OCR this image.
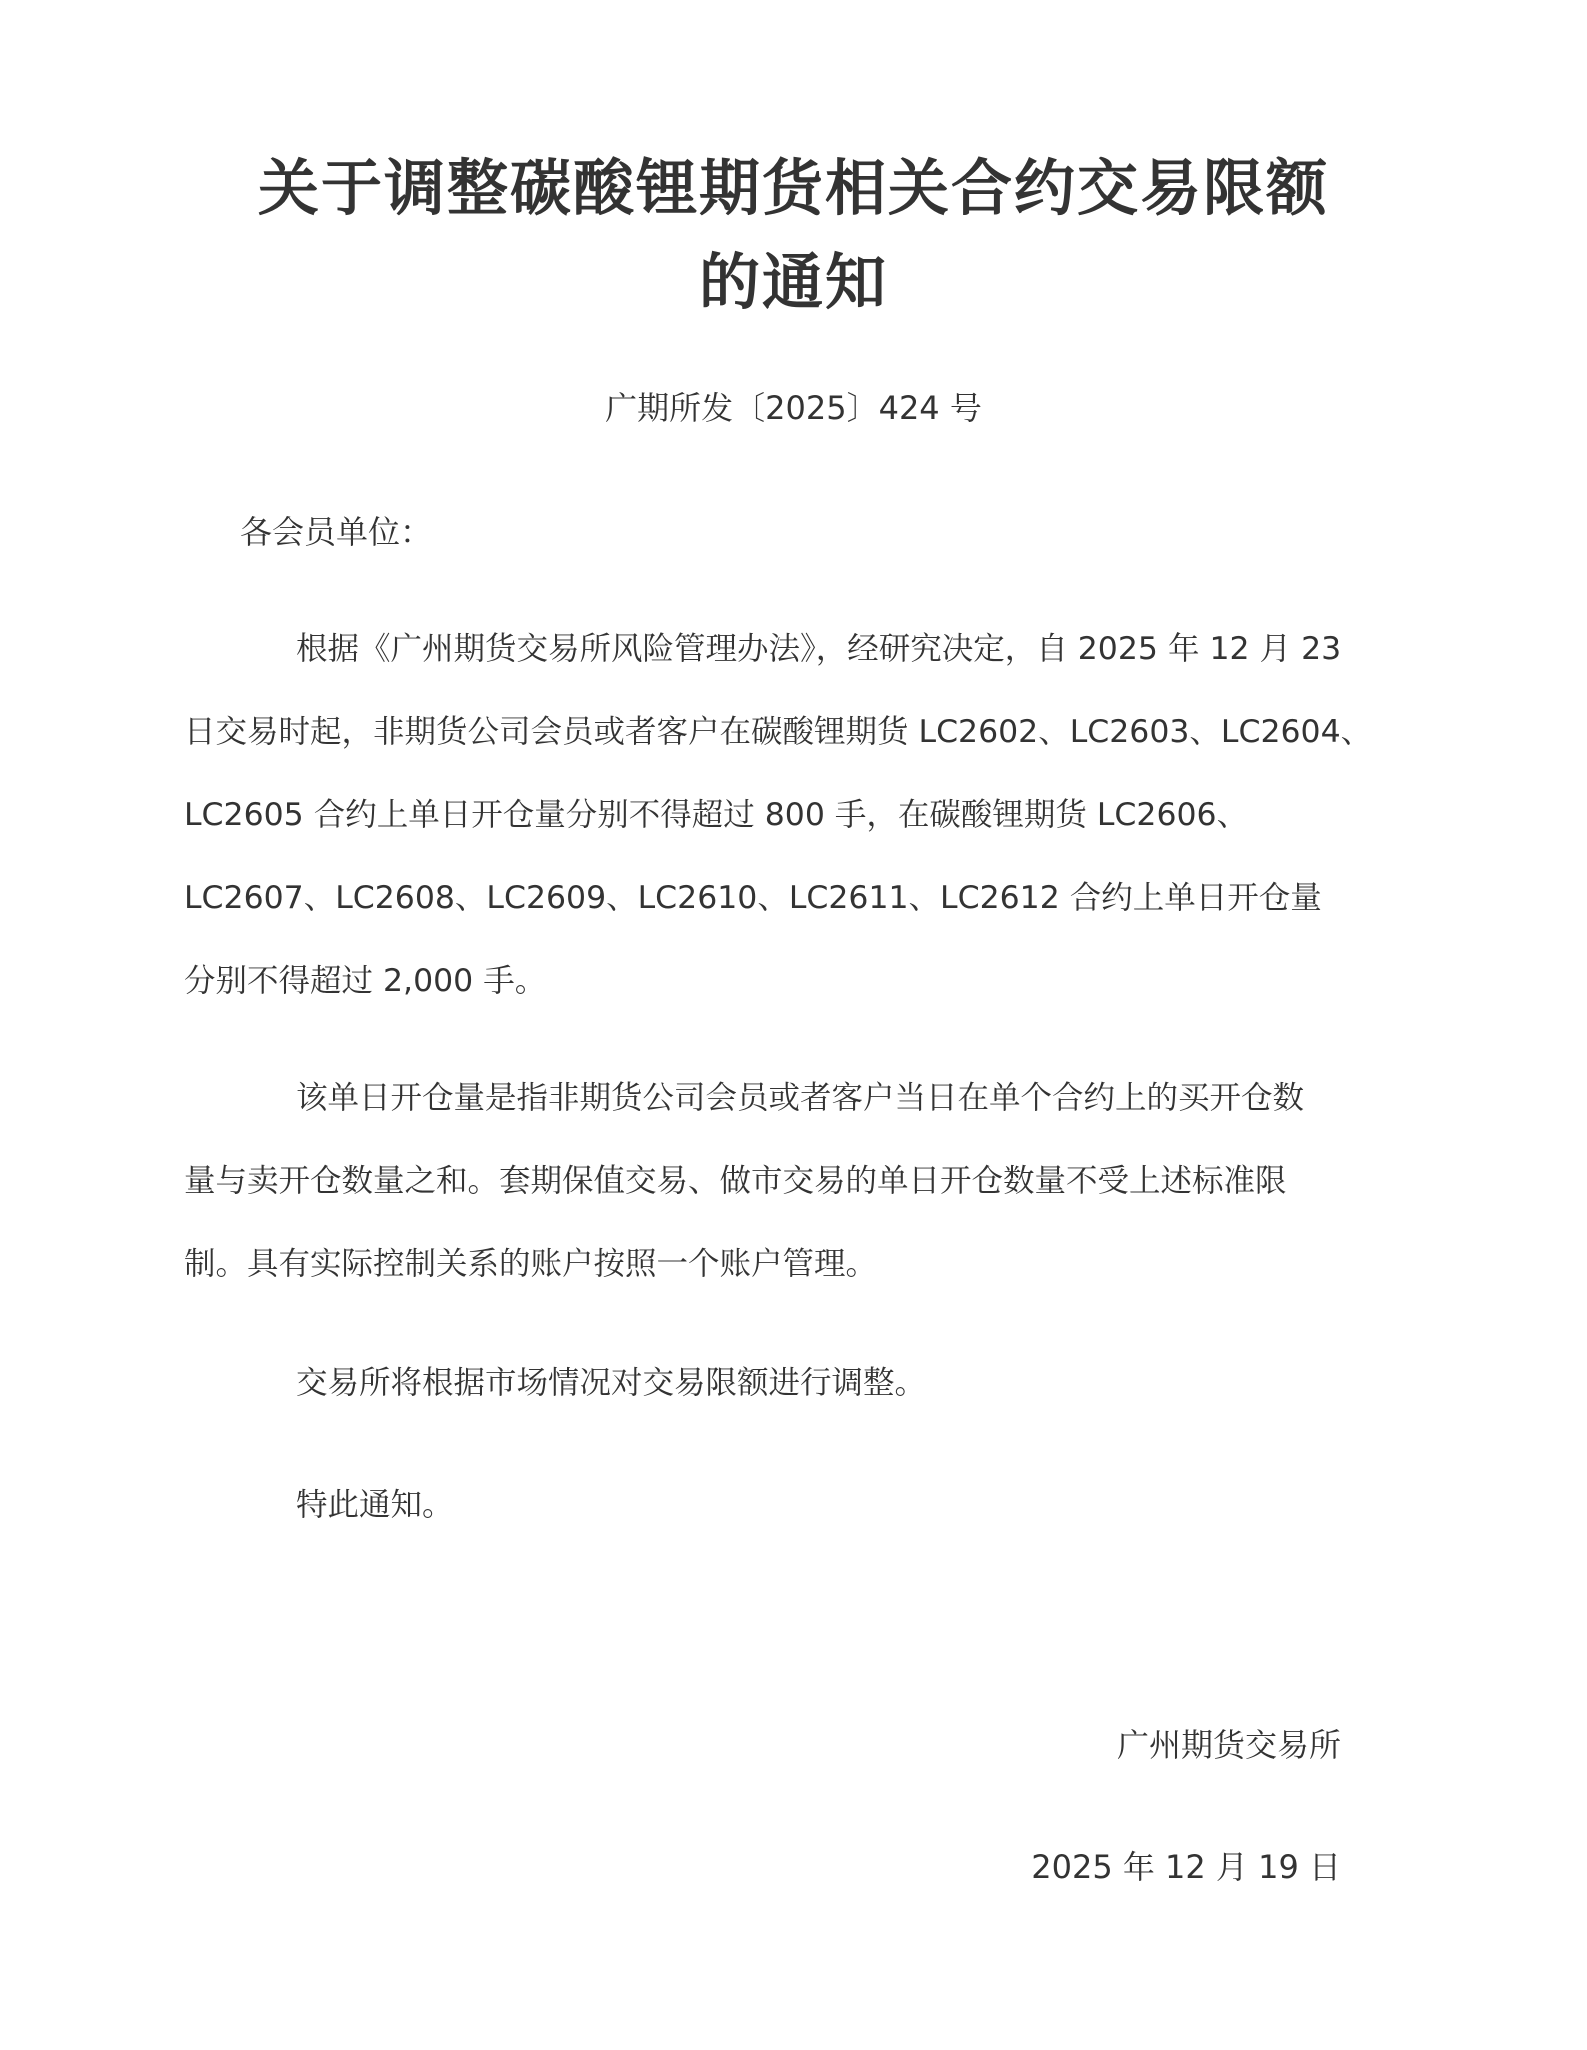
关于调整碳酸锂期货相关合约交易限额
的通知
广期所发〔2025〕424 号
各会员单位：
根据《广州期货交易所风险管理办法》，经研究决定，自 2025 年 12 月 23
日交易时起，非期货公司会员或者客户在碳酸锂期货 LC2602、LC2603、LC2604、
LC2605 合约上单日开仓量分别不得超过 800 手，在碳酸锂期货 LC2606、
LC2607、LC2608、LC2609、LC2610、LC2611、LC2612 合约上单日开仓量
分别不得超过 2,000 手。
该单日开仓量是指非期货公司会员或者客户当日在单个合约上的买开仓数
量与卖开仓数量之和。套期保值交易、做市交易的单日开仓数量不受上述标准限
制。具有实际控制关系的账户按照一个账户管理。
交易所将根据市场情况对交易限额进行调整。
特此通知。
广州期货交易所
2025 年 12 月 19 日
